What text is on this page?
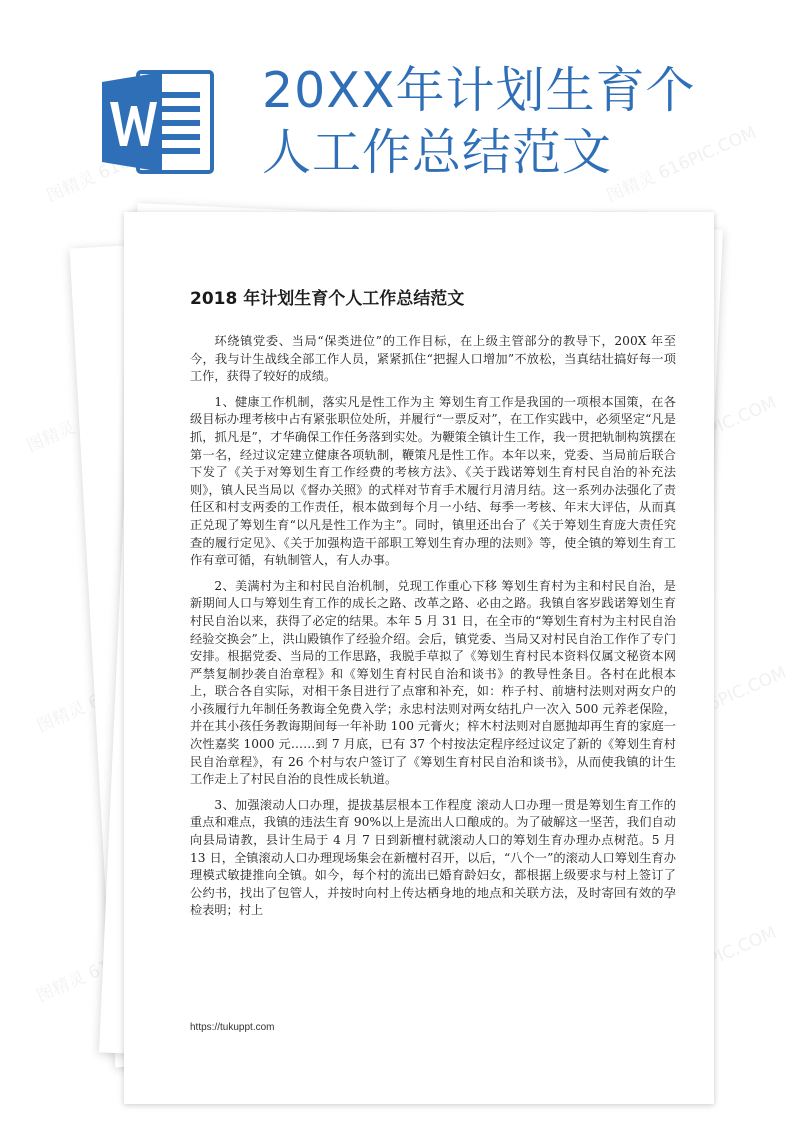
图精灵	图精灵 616PIC.COM
图精灵	616PIC.COM
图精灵	616PIC.COM
图精灵
616PIC.COM
20XX年计划生育个
人工作总结范文
2018 年计划生育个人工作总结范文

环绕镇党委、当局“保类进位”的工作目标，在上级主管部分的教导下，200X 年至今，我与计生战线全部工作人员，紧紧抓住“把握人口增加”不放松，当真结壮搞好每一项工作，获得了较好的成绩。

1、健康工作机制，落实凡是性工作为主 筹划生育工作是我国的一项根本国策，在各级目标办理考核中占有紧张职位处所，并履行“一票反对”，在工作实践中，必须坚定“凡是抓，抓凡是”，才华确保工作任务落到实处。为鞭策全镇计生工作，我一贯把轨制构筑摆在第一名，经过议定建立健康各项轨制，鞭策凡是性工作。本年以来，党委、当局前后联合下发了《关于对筹划生育工作经费的考核方法》、《关于践诺筹划生育村民自治的补充法则》，镇人民当局以《督办关照》的式样对节育手术履行月清月结。这一系列办法强化了责任区和村支两委的工作责任，根本做到每个月一小结、每季一考核、年末大评估，从而真正兑现了筹划生育“以凡是性工作为主”。同时，镇里还出台了《关于筹划生育庞大责任究查的履行定见》、《关于加强构造干部职工筹划生育办理的法则》等，使全镇的筹划生育工作有章可循，有轨制管人，有人办事。

2、美满村为主和村民自治机制，兑现工作重心下移 筹划生育村为主和村民自治，是新期间人口与筹划生育工作的成长之路、改革之路、必由之路。我镇自客岁践诺筹划生育村民自治以来，获得了必定的结果。本年 5 月 31 日，在全市的“筹划生育村为主村民自治经验交换会”上，洪山殿镇作了经验介绍。会后，镇党委、当局又对村民自治工作作了专门安排。根据党委、当局的工作思路，我脱手草拟了《筹划生育村民本资料仅属文秘资本网严禁复制抄袭自治章程》和《筹划生育村民自治和谈书》的教导性条目。各村在此根本上，联合各自实际，对相干条目进行了点窜和补充，如：柞子村、前塘村法则对两女户的小孩履行九年制任务教诲全免费入学；永忠村法则对两女结扎户一次入 500 元养老保险，并在其小孩任务教诲期间每一年补助 100 元膏火；梓木村法则对自愿抛却再生育的家庭一次性嘉奖 1000 元……到 7 月底，已有 37 个村按法定程序经过议定了新的《筹划生育村民自治章程》，有 26 个村与农户签订了《筹划生育村民自治和谈书》，从而使我镇的计生工作走上了村民自治的良性成长轨道。

3、加强滚动人口办理，提拔基层根本工作程度 滚动人口办理一贯是筹划生育工作的重点和难点，我镇的违法生育 90%以上是流出人口酿成的。为了破解这一坚苦，我们自动向县局请教，县计生局于 4 月 7 日到新檀村就滚动人口的筹划生育办理办点树范。5 月 13 日，全镇滚动人口办理现场集会在新檀村召开，以后，“八个一”的滚动人口筹划生育办理模式敏捷推向全镇。如今，每个村的流出已婚育龄妇女，都根据上级要求与村上签订了公约书，找出了包管人，并按时向村上传达栖身地的地点和关联方法，及时寄回有效的孕检表明；村上

https://tukuppt.com
